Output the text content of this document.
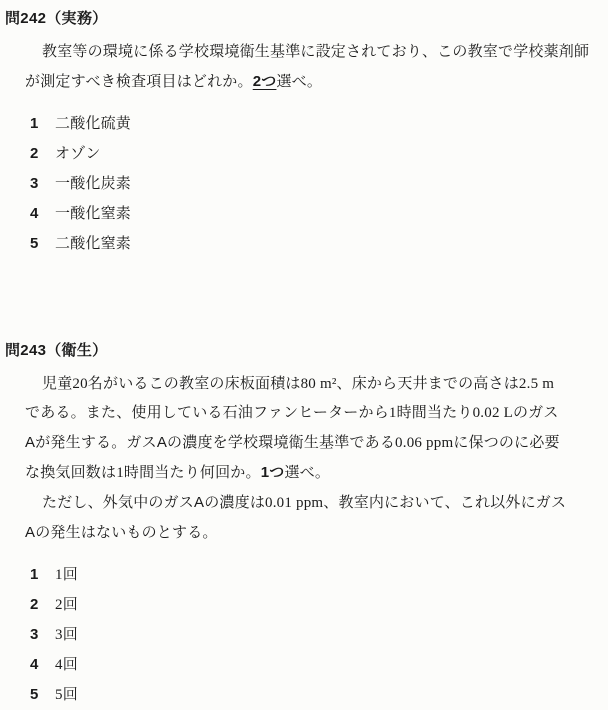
問242（実務）
教室等の環境に係る学校環境衛生基準に設定されており、この教室で学校薬剤師
が測定すべき検査項目はどれか。2つ選べ。
1 二酸化硫黄
2 オゾン
3 一酸化炭素
4 一酸化窒素
5 二酸化窒素
問243（衛生）
児童20名がいるこの教室の床板面積は80 m²、床から天井までの高さは2.5 m
である。また、使用している石油ファンヒーターから1時間当たり0.02 Lのガス
Aが発生する。ガスAの濃度を学校環境衛生基準である0.06 ppmに保つのに必要
な換気回数は1時間当たり何回か。1つ選べ。
ただし、外気中のガスAの濃度は0.01 ppm、教室内において、これ以外にガス
Aの発生はないものとする。
1 1回
2 2回
3 3回
4 4回
5 5回
